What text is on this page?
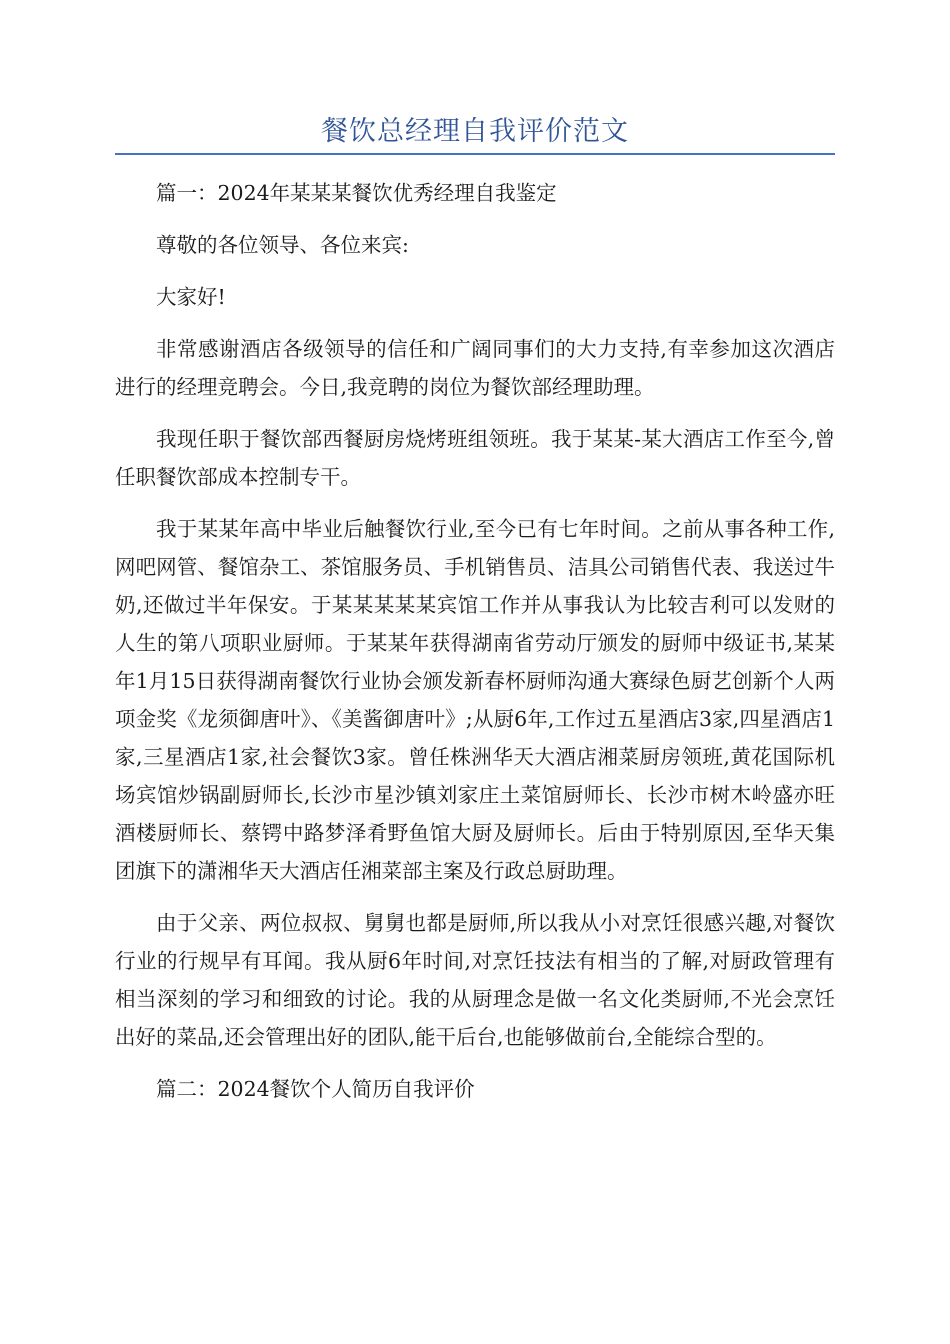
餐饮总经理自我评价范文

篇一：2024年某某某餐饮优秀经理自我鉴定

尊敬的各位领导、各位来宾:

大家好!

非常感谢酒店各级领导的信任和广阔同事们的大力支持,有幸参加这次酒店进行的经理竞聘会。今日,我竞聘的岗位为餐饮部经理助理。

我现任职于餐饮部西餐厨房烧烤班组领班。我于某某-某大酒店工作至今,曾任职餐饮部成本控制专干。

我于某某年高中毕业后触餐饮行业,至今已有七年时间。之前从事各种工作,网吧网管、餐馆杂工、茶馆服务员、手机销售员、洁具公司销售代表、我送过牛奶,还做过半年保安。于某某某某某宾馆工作并从事我认为比较吉利可以发财的人生的第八项职业厨师。于某某年获得湖南省劳动厅颁发的厨师中级证书,某某年1月15日获得湖南餐饮行业协会颁发新春杯厨师沟通大赛绿色厨艺创新个人两项金奖《龙须御唐叶》、《美酱御唐叶》;从厨6年,工作过五星酒店3家,四星酒店1家,三星酒店1家,社会餐饮3家。曾任株洲华天大酒店湘菜厨房领班,黄花国际机场宾馆炒锅副厨师长,长沙市星沙镇刘家庄土菜馆厨师长、长沙市树木岭盛亦旺酒楼厨师长、蔡锷中路梦泽肴野鱼馆大厨及厨师长。后由于特别原因,至华天集团旗下的潇湘华天大酒店任湘菜部主案及行政总厨助理。

由于父亲、两位叔叔、舅舅也都是厨师,所以我从小对烹饪很感兴趣,对餐饮行业的行规早有耳闻。我从厨6年时间,对烹饪技法有相当的了解,对厨政管理有相当深刻的学习和细致的讨论。我的从厨理念是做一名文化类厨师,不光会烹饪出好的菜品,还会管理出好的团队,能干后台,也能够做前台,全能综合型的。

篇二：2024餐饮个人简历自我评价
